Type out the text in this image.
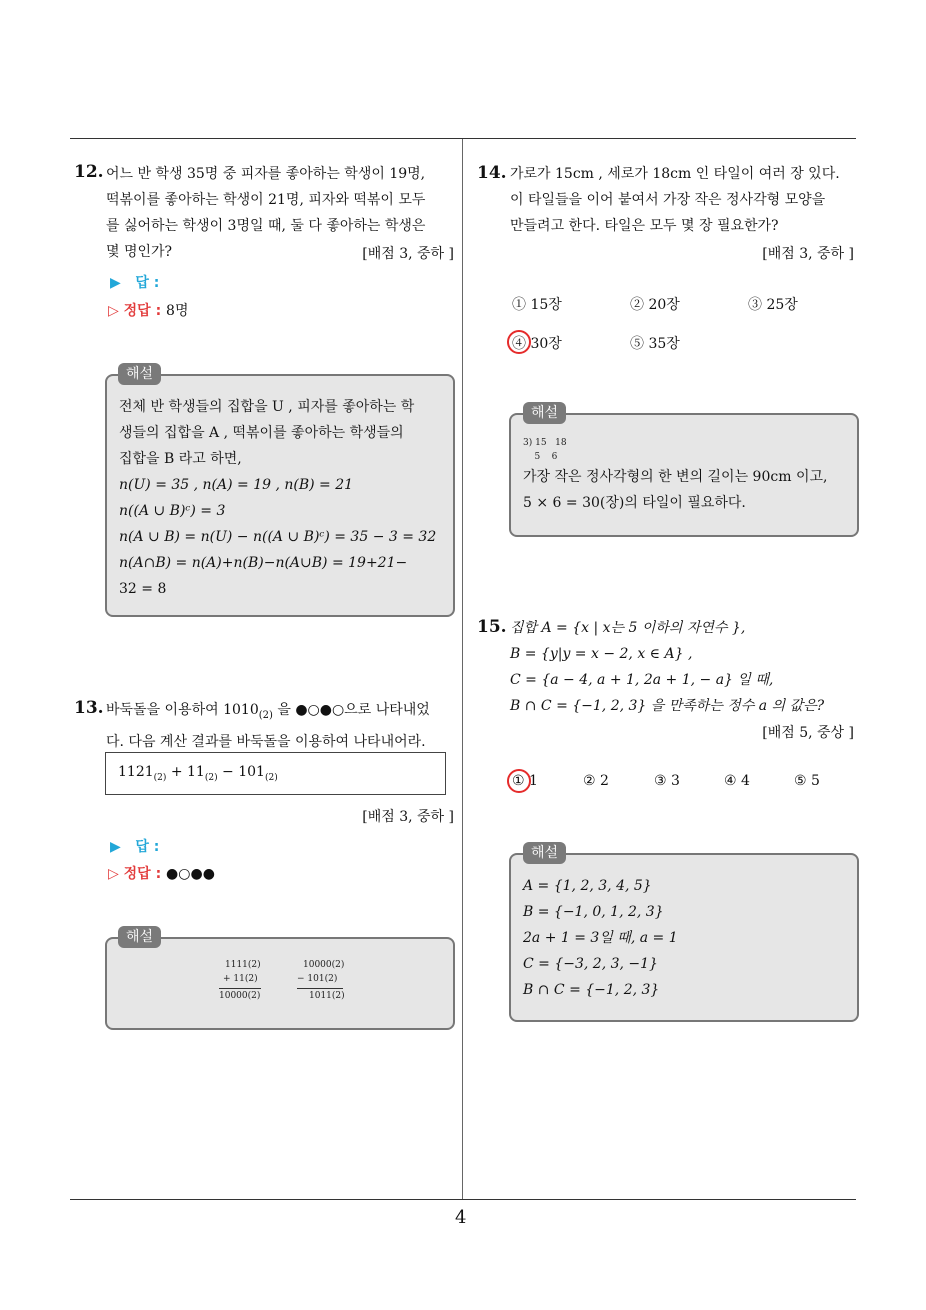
4
12. 어느 반 학생 35명 중 피자를 좋아하는 학생이 19명,
떡볶이를 좋아하는 학생이 21명, 피자와 떡볶이 모두
를 싫어하는 학생이 3명일 때, 둘 다 좋아하는 학생은
몇 명인가?	[배점 3, 중하 ]
▶   답 :
▷ 정답 : 8명
전체 반 학생들의 집합을 U , 피자를 좋아하는 학
생들의 집합을 A , 떡볶이를 좋아하는 학생들의
집합을 B 라고 하면,
n(U) = 35 , n(A) = 19 , n(B) = 21
n((A ∪ B)ᶜ) = 3
n(A ∪ B) = n(U) − n((A ∪ B)ᶜ) = 35 − 3 = 32
n(A∩B) = n(A)+n(B)−n(A∪B) = 19+21−
32 = 8
해설
13. 바둑돌을 이용하여 $1010_{(2)}$ 을 ●○●○으로 나타내었
다. 다음 계산 결과를 바둑돌을 이용하여 나타내어라.
$1121_{(2)} + 11_{(2)} - 101_{(2)}$
[배점 3, 중하 ]
▶   답 :
▷ 정답 : ●○●●
1111(2)
+ 11(2)
10000(2)
10000(2)
− 101(2)
1011(2)
해설
14. 가로가 15cm , 세로가 18cm 인 타일이 여러 장 있다.
이 타일들을 이어 붙여서 가장 작은 정사각형 모양을
만들려고 한다. 타일은 모두 몇 장 필요한가?
[배점 3, 중하 ]
① 15장	② 20장	③ 25장
④ 30장	⑤ 35장
3) 15   18
5    6
가장 작은 정사각형의 한 변의 길이는 90cm 이고,
5 × 6 = 30(장)의 타일이 필요하다.
해설
15. 집합 A = {x | x는 5 이하의 자연수 },
B = {y|y = x − 2, x ∈ A} ,
C = {a − 4, a + 1, 2a + 1, − a} 일 때,
B ∩ C = {−1, 2, 3} 을 만족하는 정수 a 의 값은?
[배점 5, 중상 ]
① 1	② 2	③ 3	④ 4	⑤ 5
A = {1, 2, 3, 4, 5}
B = {−1, 0, 1, 2, 3}
2a + 1 = 3일 때, a = 1
C = {−3, 2, 3, −1}
B ∩ C = {−1, 2, 3}
해설
